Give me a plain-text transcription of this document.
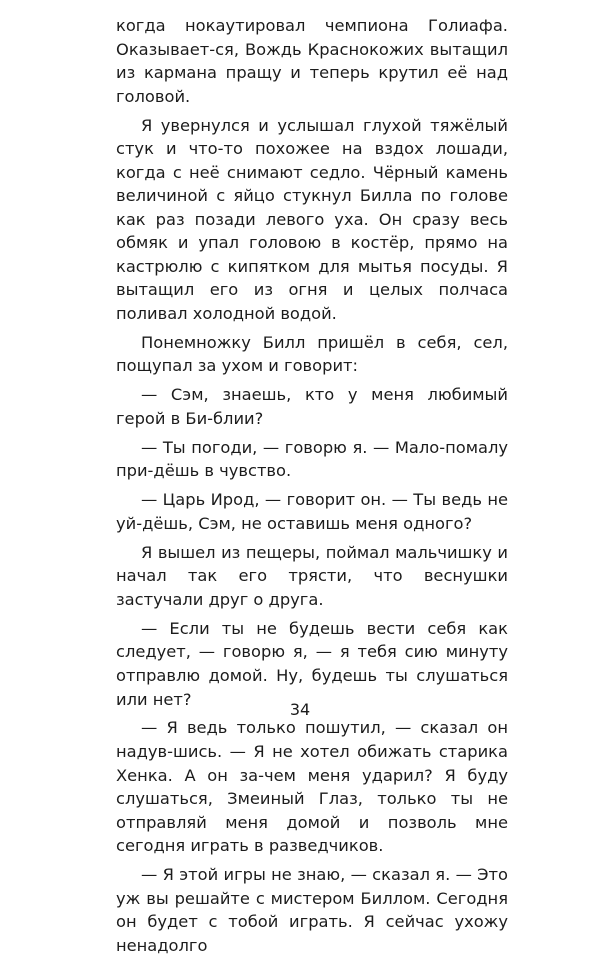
когда нокаутировал чемпиона Голиафа. Оказывает-ся, Вождь Краснокожих вытащил из кармана пращу и теперь крутил её над головой.

Я увернулся и услышал глухой тяжёлый стук и что-то похожее на вздох лошади, когда с неё снимают седло. Чёрный камень величиной с яйцо стукнул Билла по голове как раз позади левого уха. Он сразу весь обмяк и упал головою в костёр, прямо на кастрюлю с кипятком для мытья посуды. Я вытащил его из огня и целых полчаса поливал холодной водой.

Понемножку Билл пришёл в себя, сел, пощупал за ухом и говорит:

— Сэм, знаешь, кто у меня любимый герой в Би-блии?

— Ты погоди, — говорю я. — Мало-помалу при-дёшь в чувство.

— Царь Ирод, — говорит он. — Ты ведь не уй-дёшь, Сэм, не оставишь меня одного?

Я вышел из пещеры, поймал мальчишку и начал так его трясти, что веснушки застучали друг о друга.

— Если ты не будешь вести себя как следует, — говорю я, — я тебя сию минуту отправлю домой. Ну, будешь ты слушаться или нет?

— Я ведь только пошутил, — сказал он надув-шись. — Я не хотел обижать старика Хенка. А он за-чем меня ударил? Я буду слушаться, Змеиный Глаз, только ты не отправляй меня домой и позволь мне сегодня играть в разведчиков.

— Я этой игры не знаю, — сказал я. — Это уж вы решайте с мистером Биллом. Сегодня он будет с тобой играть. Я сейчас ухожу ненадолго

34
